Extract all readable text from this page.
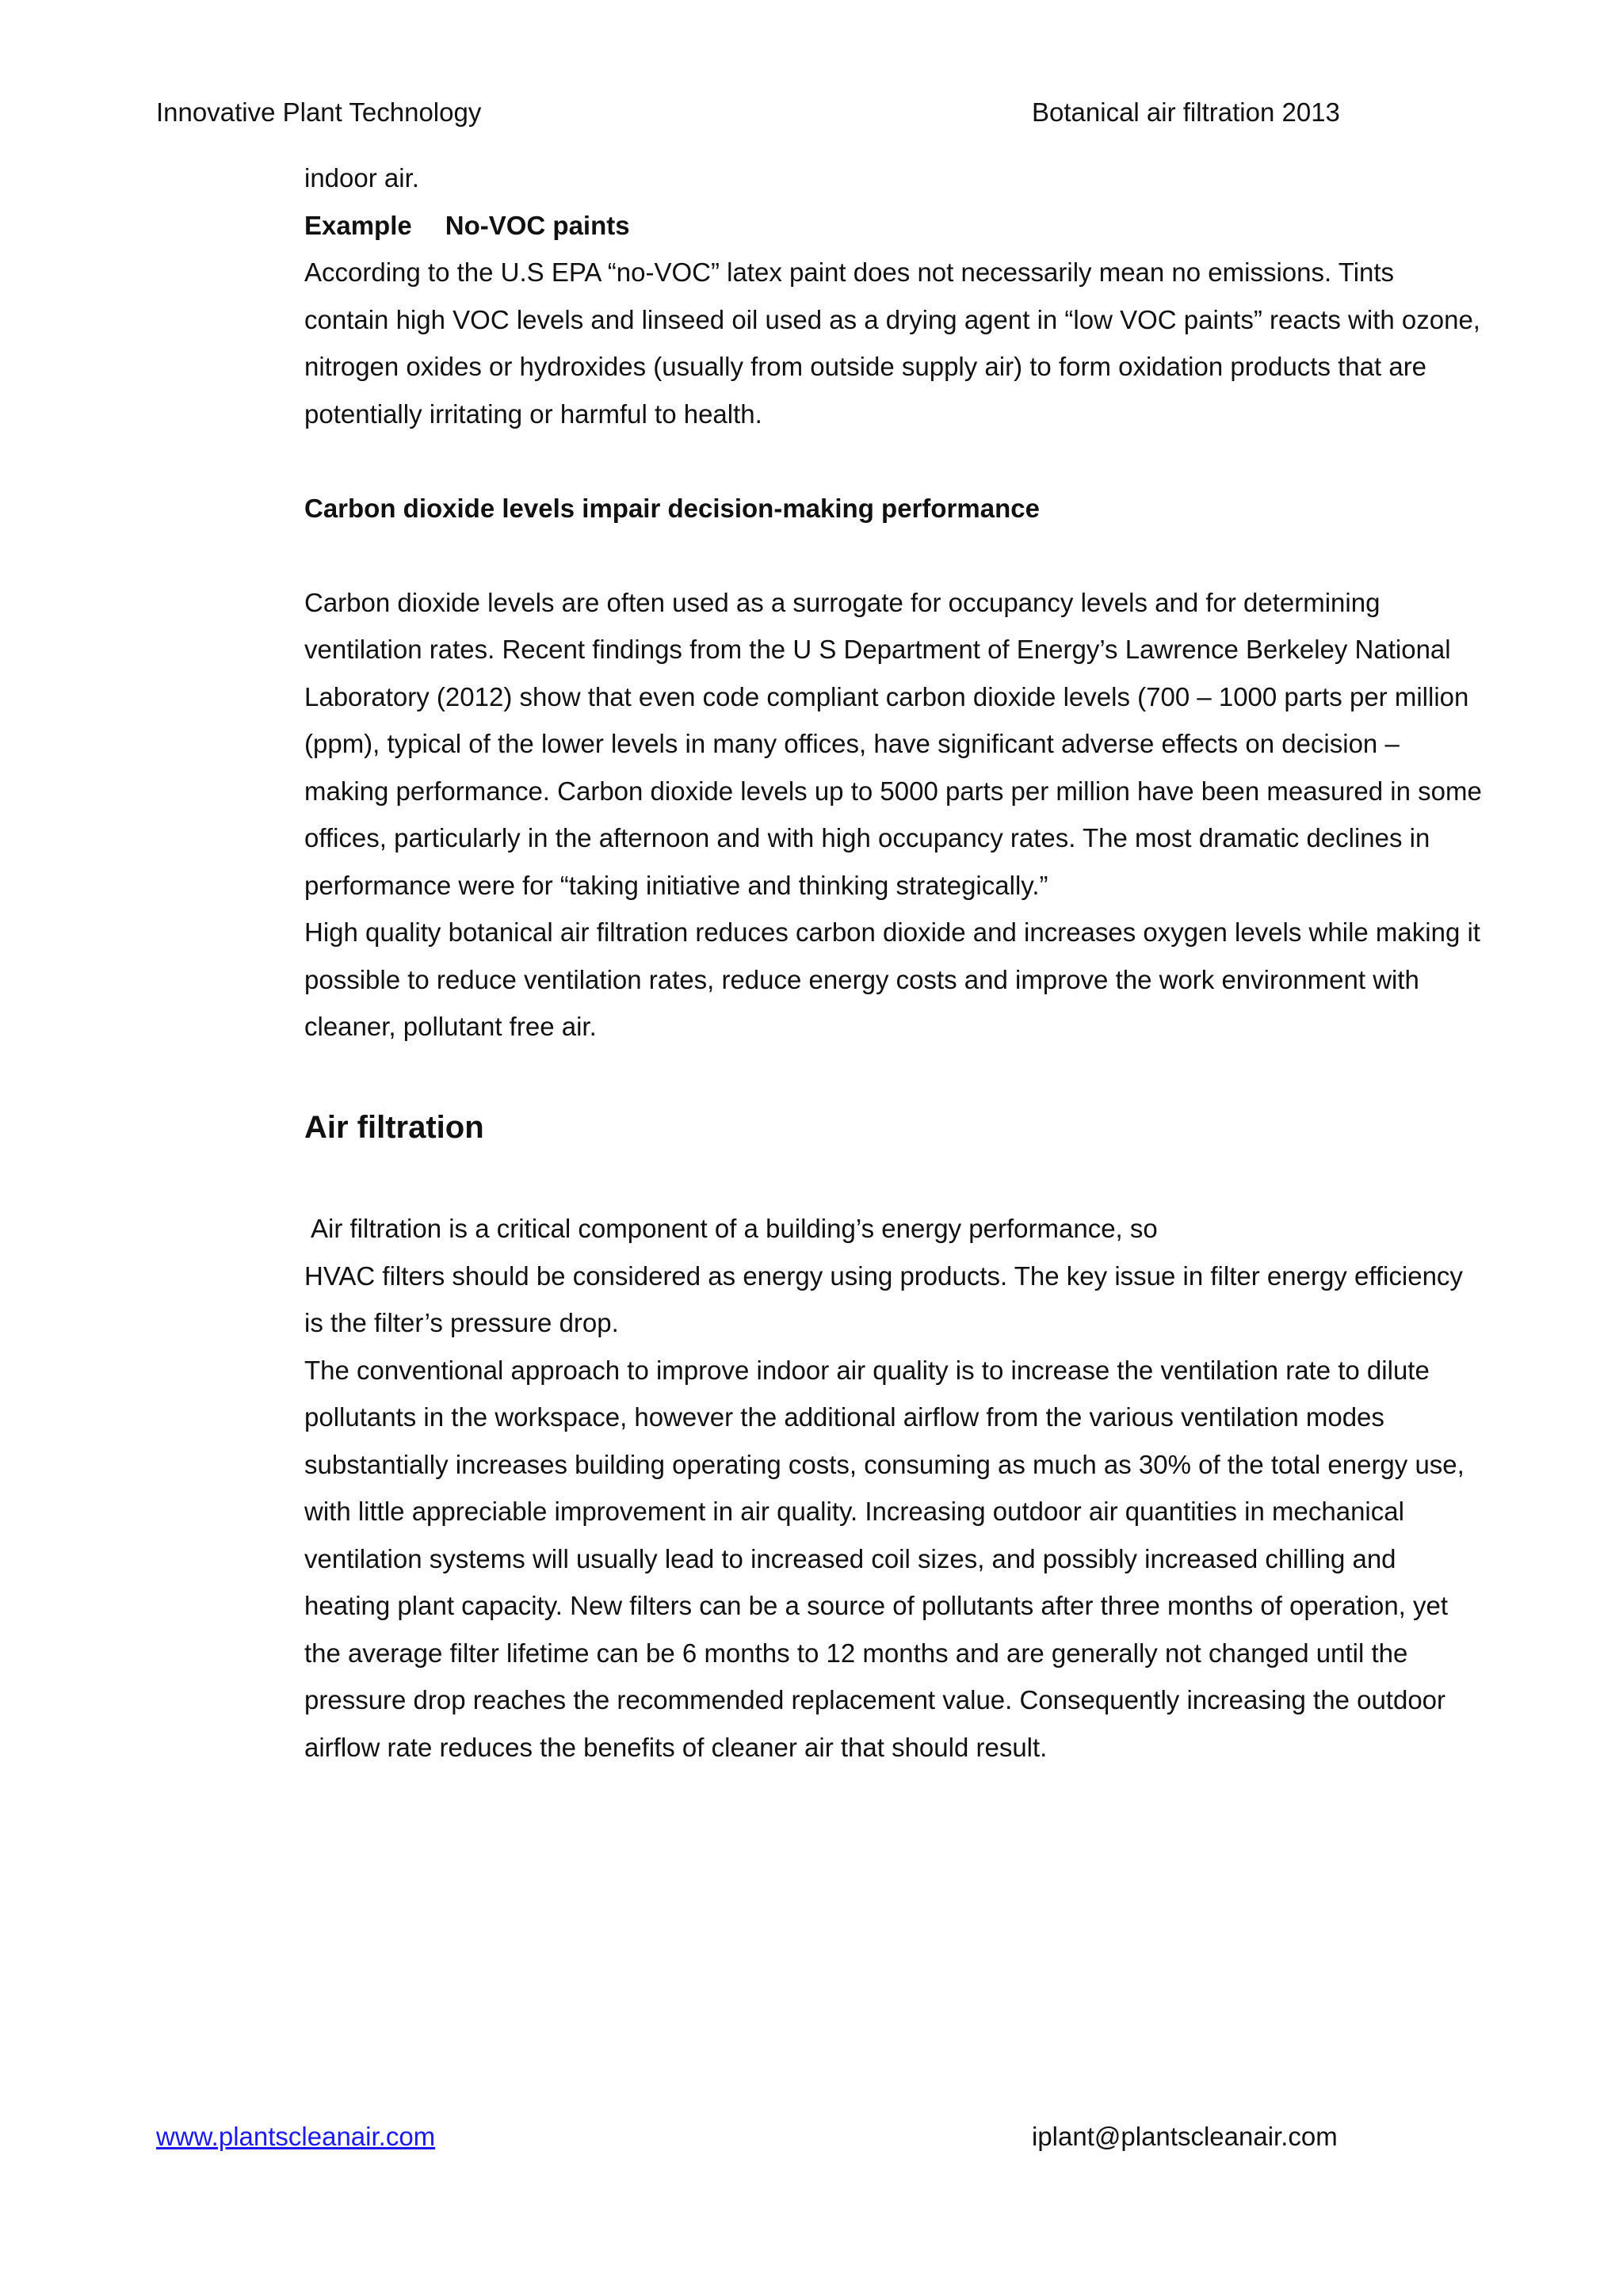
Innovative Plant Technology	Botanical air filtration 2013

indoor air.

Example No-VOC paints

According to the U.S EPA “no-VOC” latex paint does not necessarily mean no emissions. Tints contain high VOC levels and linseed oil used as a drying agent in “low VOC paints” reacts with ozone, nitrogen oxides or hydroxides (usually from outside supply air) to form oxidation products that are potentially irritating or harmful to health.

Carbon dioxide levels impair decision-making performance

Carbon dioxide levels are often used as a surrogate for occupancy levels and for determining ventilation rates. Recent findings from the U S Department of Energy’s Lawrence Berkeley National Laboratory (2012) show that even code compliant carbon dioxide levels (700 – 1000 parts per million (ppm), typical of the lower levels in many offices, have significant adverse effects on decision – making performance. Carbon dioxide levels up to 5000 parts per million have been measured in some offices, particularly in the afternoon and with high occupancy rates. The most dramatic declines in performance were for “taking initiative and thinking strategically.”

High quality botanical air filtration reduces carbon dioxide and increases oxygen levels while making it possible to reduce ventilation rates, reduce energy costs and improve the work environment with cleaner, pollutant free air.

Air filtration

Air filtration is a critical component of a building’s energy performance, so

HVAC filters should be considered as energy using products. The key issue in filter energy efficiency is the filter’s pressure drop.

The conventional approach to improve indoor air quality is to increase the ventilation rate to dilute pollutants in the workspace, however the additional airflow from the various ventilation modes substantially increases building operating costs, consuming as much as 30% of the total energy use, with little appreciable improvement in air quality. Increasing outdoor air quantities in mechanical ventilation systems will usually lead to increased coil sizes, and possibly increased chilling and heating plant capacity. New filters can be a source of pollutants after three months of operation, yet the average filter lifetime can be 6 months to 12 months and are generally not changed until the pressure drop reaches the recommended replacement value. Consequently increasing the outdoor airflow rate reduces the benefits of cleaner air that should result.

www.plantscleanair.com	iplant@plantscleanair.com
